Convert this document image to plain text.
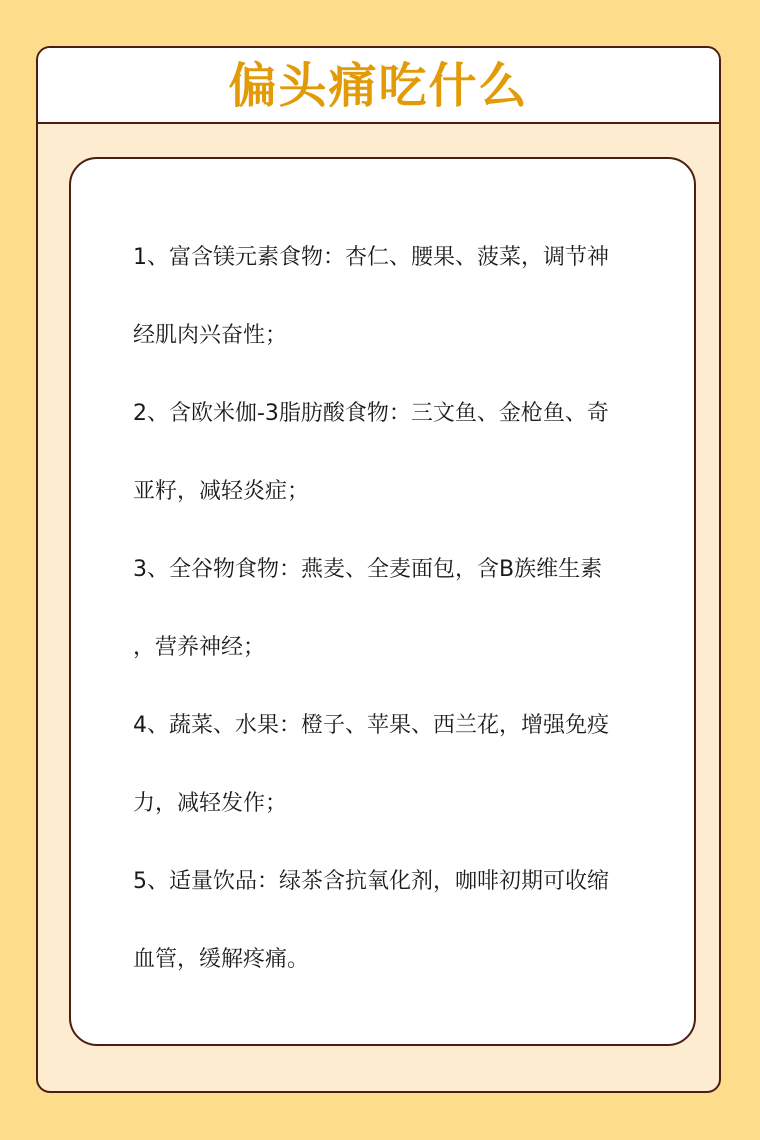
偏头痛吃什么
1、富含镁元素食物：杏仁、腰果、菠菜，调节神
经肌肉兴奋性；
2、含欧米伽-3脂肪酸食物：三文鱼、金枪鱼、奇
亚籽，减轻炎症；
3、全谷物食物：燕麦、全麦面包，含B族维生素
，营养神经；
4、蔬菜、水果：橙子、苹果、西兰花，增强免疫
力，减轻发作；
5、适量饮品：绿茶含抗氧化剂，咖啡初期可收缩
血管，缓解疼痛。
